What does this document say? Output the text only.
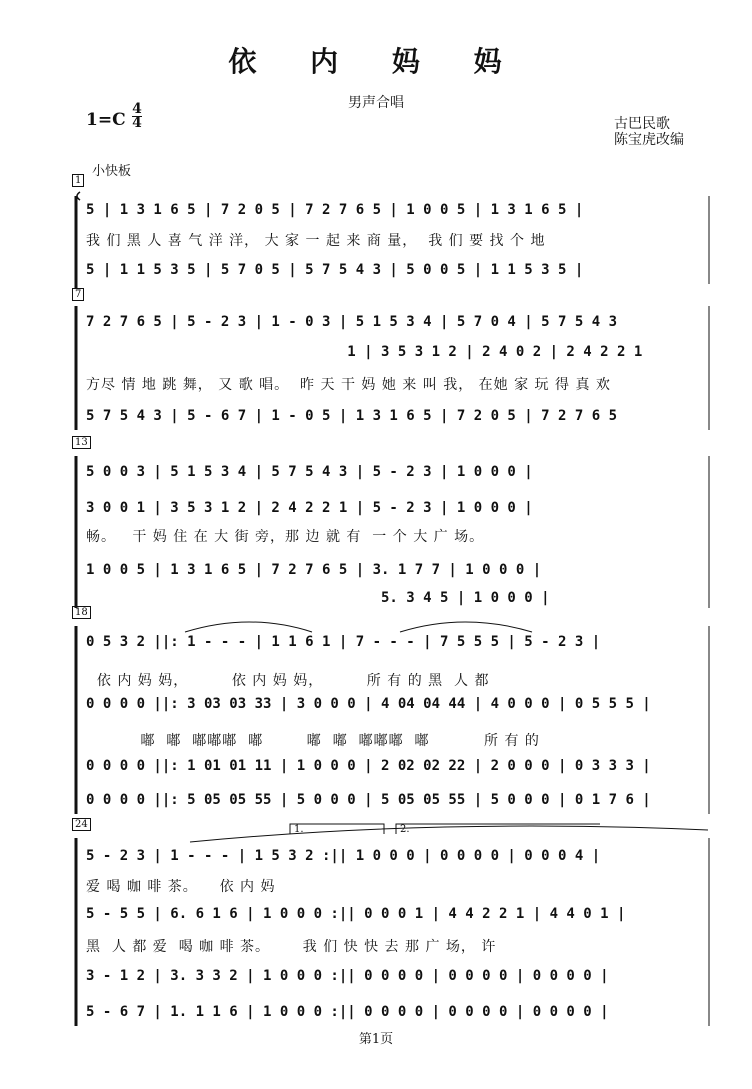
依 内 妈 妈
男声合唱
1=C
4
4	古巴民歌
陈宝虎改编
小快板
1
7
13
18
24	1.	2.
5 | 1 3 1 6 5 | 7 2 0 5 | 7 2 7 6 5 | 1 0 0 5 | 1 3 1 6 5 |
我 们 黑 人 喜 气 洋 洋， 大 家 一 起 来 商 量，  我 们 要 找 个 地
5 | 1 1 5 3 5 | 5 7 0 5 | 5 7 5 4 3 | 5 0 0 5 | 1 1 5 3 5 |
7 2 7 6 5 | 5 - 2 3 | 1 - 0 3 | 5 1 5 3 4 | 5 7 0 4 | 5 7 5 4 3
1 | 3 5 3 1 2 | 2 4 0 2 | 2 4 2 2 1
方尽 情 地 跳 舞， 又 歌 唱。  昨 天 干 妈 她 来 叫 我， 在她 家 玩 得 真 欢
5 7 5 4 3 | 5 - 6 7 | 1 - 0 5 | 1 3 1 6 5 | 7 2 0 5 | 7 2 7 6 5
5 0 0 3 | 5 1 5 3 4 | 5 7 5 4 3 | 5 - 2 3 | 1 0 0 0 |
3 0 0 1 | 3 5 3 1 2 | 2 4 2 2 1 | 5 - 2 3 | 1 0 0 0 |
畅。   干 妈 住 在 大 街 旁，那 边 就 有  一 个 大 广 场。
1 0 0 5 | 1 3 1 6 5 | 7 2 7 6 5 | 3. 1 7 7 | 1 0 0 0 |
5. 3 4 5 | 1 0 0 0 |
0 5 3 2 ||: 1 - - - | 1 1 6 1 | 7 - - - | 7 5 5 5 | 5 - 2 3 |
依 内 妈 妈，        依 内 妈 妈，        所 有 的 黑  人 都
0 0 0 0 ||: 3 03 03 33 | 3 0 0 0 | 4 04 04 44 | 4 0 0 0 | 0 5 5 5 |
嘟  嘟  嘟嘟嘟  嘟        嘟  嘟  嘟嘟嘟  嘟          所 有 的
0 0 0 0 ||: 1 01 01 11 | 1 0 0 0 | 2 02 02 22 | 2 0 0 0 | 0 3 3 3 |
0 0 0 0 ||: 5 05 05 55 | 5 0 0 0 | 5 05 05 55 | 5 0 0 0 | 0 1 7 6 |
5 - 2 3 | 1 - - - | 1 5 3 2 :|| 1 0 0 0 | 0 0 0 0 | 0 0 0 4 |
爱 喝 咖 啡 茶。    依 内 妈
5 - 5 5 | 6. 6 1 6 | 1 0 0 0 :|| 0 0 0 1 | 4 4 2 2 1 | 4 4 0 1 |
黑  人 都 爱  喝 咖 啡 茶。      我 们 快 快 去 那 广 场， 许
3 - 1 2 | 3. 3 3 2 | 1 0 0 0 :|| 0 0 0 0 | 0 0 0 0 | 0 0 0 0 |
5 - 6 7 | 1. 1 1 6 | 1 0 0 0 :|| 0 0 0 0 | 0 0 0 0 | 0 0 0 0 |
第1页
